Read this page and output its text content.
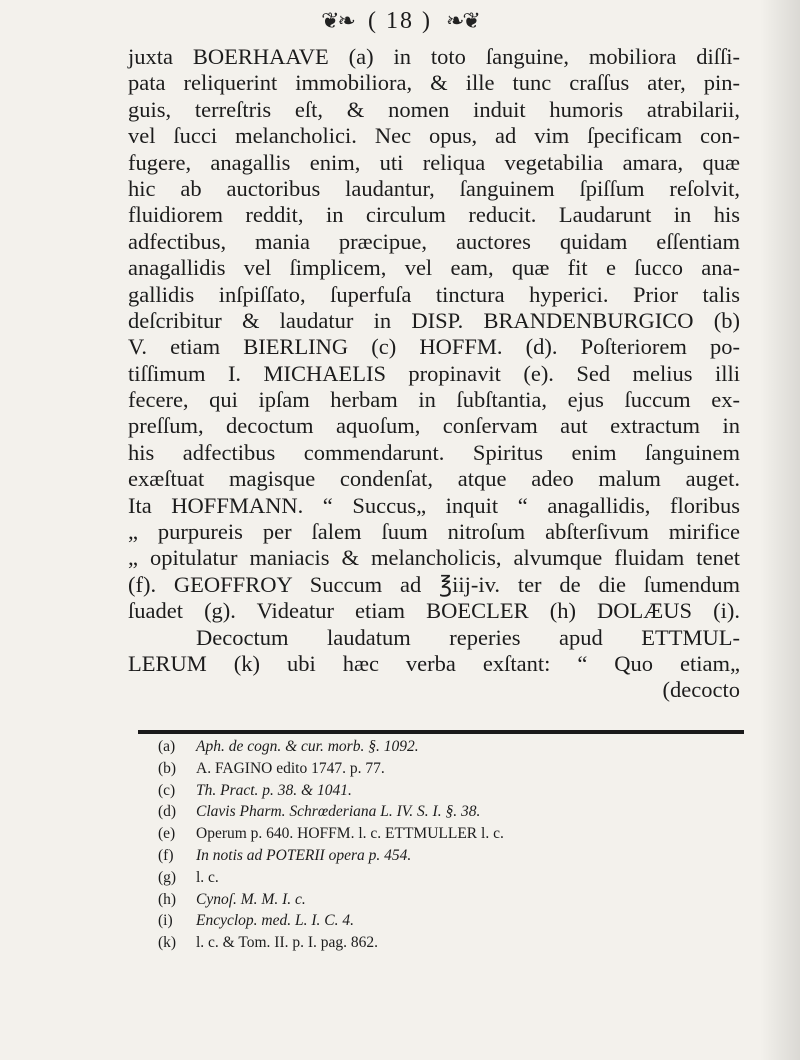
❦❧ ( 18 ) ❧❦
juxta BOERHAAVE (a) in toto ſanguine, mobiliora diſſi-
pata reliquerint immobiliora, & ille tunc craſſus ater, pin-
guis, terreſtris eſt, & nomen induit humoris atrabilarii,
vel ſucci melancholici. Nec opus, ad vim ſpecificam con-
fugere, anagallis enim, uti reliqua vegetabilia amara, quæ
hic ab auctoribus laudantur, ſanguinem ſpiſſum reſolvit,
fluidiorem reddit, in circulum reducit. Laudarunt in his
adfectibus, mania præcipue, auctores quidam eſſentiam
anagallidis vel ſimplicem, vel eam, quæ fit e ſucco ana-
gallidis inſpiſſato, ſuperfuſa tinctura hyperici. Prior talis
deſcribitur & laudatur in DISP. BRANDENBURGICO (b)
V. etiam BIERLING (c) HOFFM. (d). Poſteriorem po-
tiſſimum I. MICHAELIS propinavit (e). Sed melius illi
fecere, qui ipſam herbam in ſubſtantia, ejus ſuccum ex-
preſſum, decoctum aquoſum, conſervam aut extractum in
his adfectibus commendarunt. Spiritus enim ſanguinem
exæſtuat magisque condenſat, atque adeo malum auget.
Ita HOFFMANN. “ Succus„ inquit “ anagallidis, floribus
„ purpureis per ſalem ſuum nitroſum abſterſivum mirifice
„ opitulatur maniacis & melancholicis, alvumque fluidam tenet
(f). GEOFFROY Succum ad ℥iij-iv. ter de die ſumendum
ſuadet (g). Videatur etiam BOECLER (h) DOLÆUS (i).
Decoctum laudatum reperies apud ETTMUL-
LERUM (k) ubi hæc verba exſtant: “ Quo etiam„
(decocto
(a) Aph. de cogn. & cur. morb. §. 1092.
(b) A. FAGINO edito 1747. p. 77.
(c) Th. Pract. p. 38. & 1041.
(d) Clavis Pharm. Schrœderiana L. IV. S. I. §. 38.
(e) Operum p. 640. HOFFM. l. c. ETTMULLER l. c.
(f) In notis ad POTERII opera p. 454.
(g) l. c.
(h) Cynoſ. M. M. I. c.
(i) Encyclop. med. L. I. C. 4.
(k) l. c. & Tom. II. p. I. pag. 862.
